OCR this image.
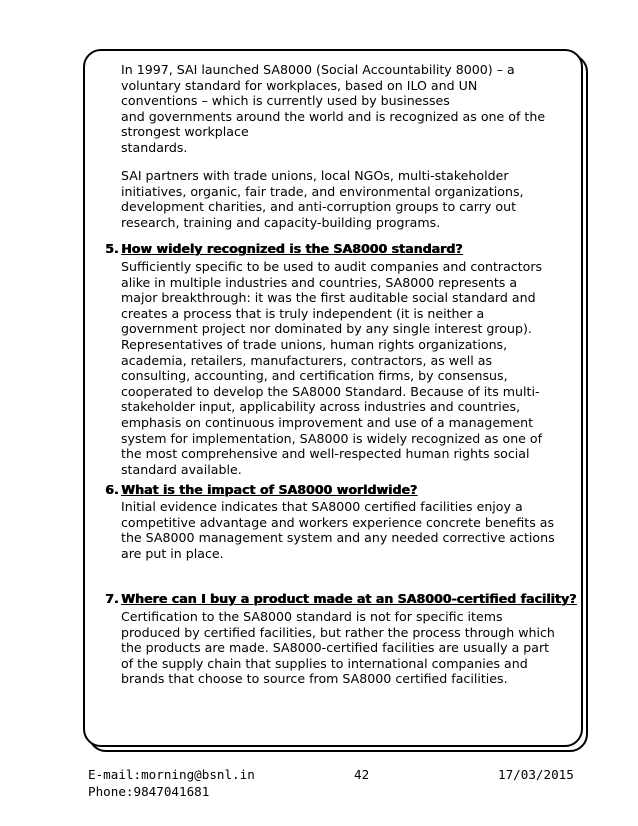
In 1997, SAI launched SA8000 (Social Accountability 8000) – a
voluntary standard for workplaces, based on ILO and UN
conventions – which is currently used by businesses
and governments around the world and is recognized as one of the
strongest workplace
standards.
SAI partners with trade unions, local NGOs, multi-stakeholder
initiatives, organic, fair trade, and environmental organizations,
development charities, and anti-corruption groups to carry out
research, training and capacity-building programs.
5. How widely recognized is the SA8000 standard?
Sufficiently specific to be used to audit companies and contractors
alike in multiple industries and countries, SA8000 represents a
major breakthrough: it was the first auditable social standard and
creates a process that is truly independent (it is neither a
government project nor dominated by any single interest group).
Representatives of trade unions, human rights organizations,
academia, retailers, manufacturers, contractors, as well as
consulting, accounting, and certification firms, by consensus,
cooperated to develop the SA8000 Standard. Because of its multi-
stakeholder input, applicability across industries and countries,
emphasis on continuous improvement and use of a management
system for implementation, SA8000 is widely recognized as one of
the most comprehensive and well-respected human rights social
standard available.
6. What is the impact of SA8000 worldwide?
Initial evidence indicates that SA8000 certified facilities enjoy a
competitive advantage and workers experience concrete benefits as
the SA8000 management system and any needed corrective actions
are put in place.
7. Where can I buy a product made at an SA8000-certified facility?
Certification to the SA8000 standard is not for specific items
produced by certified facilities, but rather the process through which
the products are made. SA8000-certified facilities are usually a part
of the supply chain that supplies to international companies and
brands that choose to source from SA8000 certified facilities.
E-mail:morning@bsnl.in	42	17/03/2015
Phone:9847041681
